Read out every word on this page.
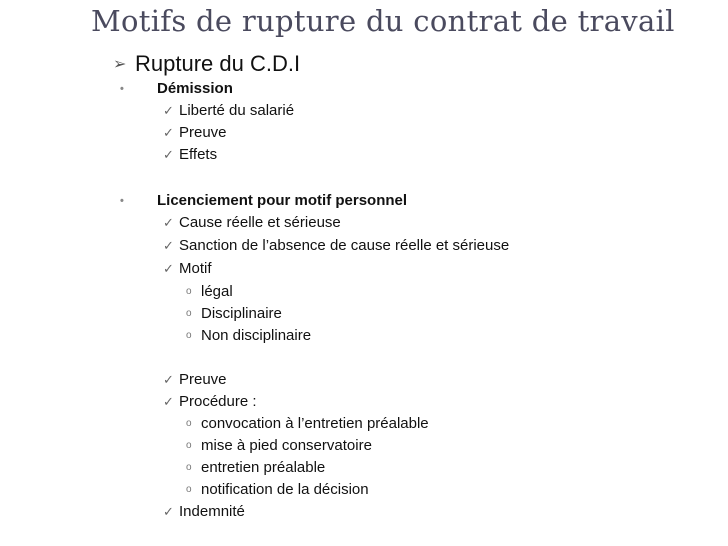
Motifs de rupture du contrat de travail
➢ Rupture du C.D.I
•	Démission
✓ Liberté du salarié
✓ Preuve
✓ Effets
•	Licenciement pour motif personnel
✓ Cause réelle et sérieuse
✓ Sanction de l’absence de cause réelle et sérieuse
✓ Motif
o légal
o Disciplinaire
o Non disciplinaire
✓ Preuve
✓ Procédure :
o convocation à l’entretien préalable
o mise à pied conservatoire
o entretien préalable
o notification de la décision
✓ Indemnité
